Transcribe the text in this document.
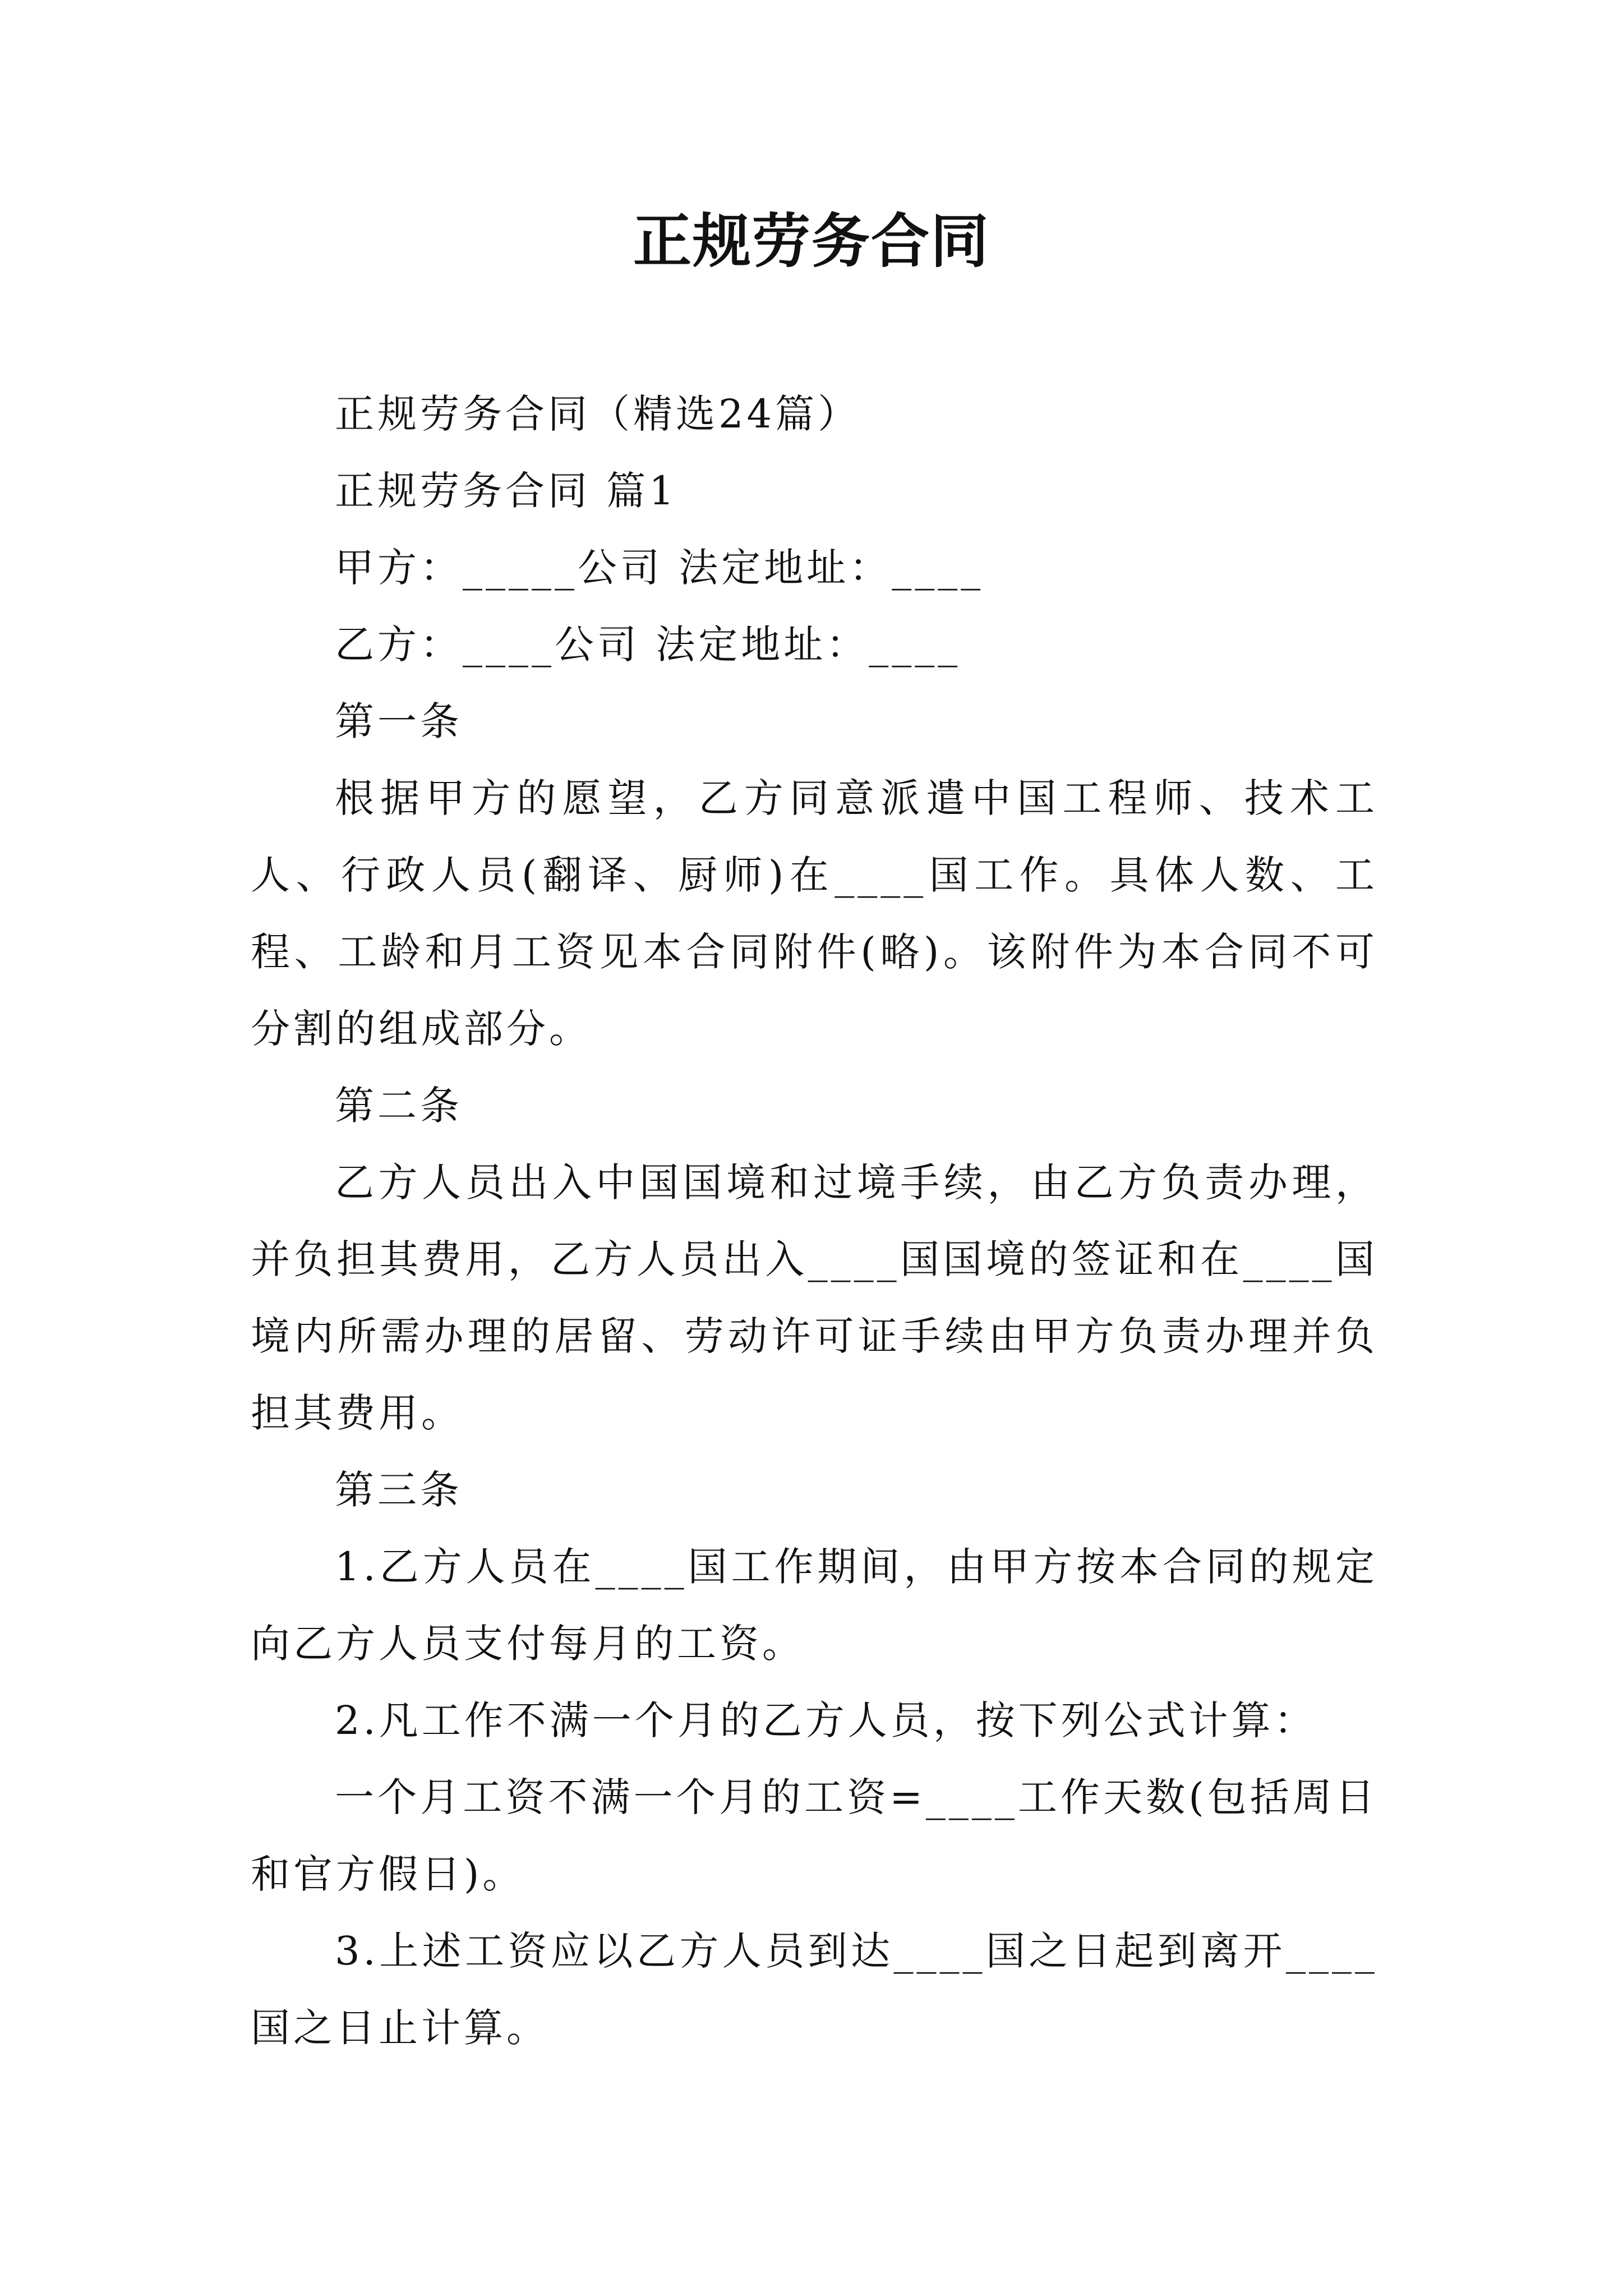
正规劳务合同

正规劳务合同（精选24篇）

正规劳务合同 篇1

甲方：_____公司 法定地址：____

乙方：____公司 法定地址：____

第一条

根据甲方的愿望，乙方同意派遣中国工程师、技术工人、行政人员(翻译、厨师)在____国工作。具体人数、工程、工龄和月工资见本合同附件(略)。该附件为本合同不可分割的组成部分。

第二条

乙方人员出入中国国境和过境手续，由乙方负责办理，并负担其费用，乙方人员出入____国国境的签证和在____国境内所需办理的居留、劳动许可证手续由甲方负责办理并负担其费用。

第三条

1.乙方人员在____国工作期间，由甲方按本合同的规定向乙方人员支付每月的工资。

2.凡工作不满一个月的乙方人员，按下列公式计算：

一个月工资不满一个月的工资=____工作天数(包括周日和官方假日)。

3.上述工资应以乙方人员到达____国之日起到离开____国之日止计算。
